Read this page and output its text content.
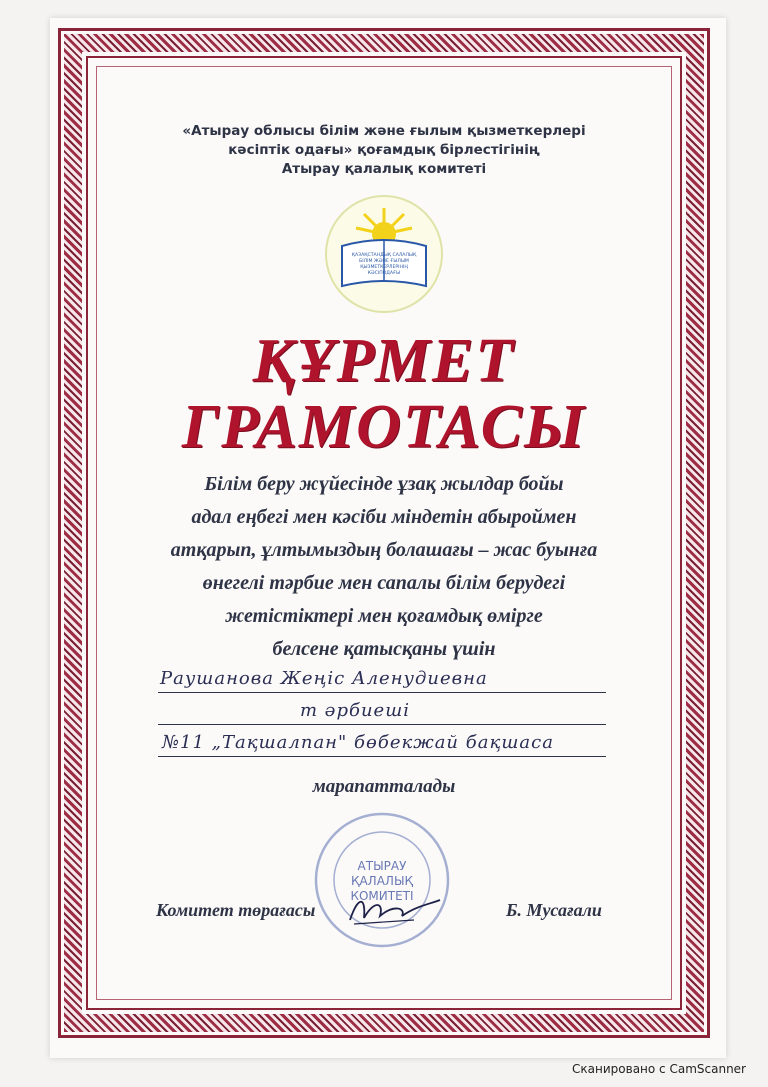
«Атырау облысы білім және ғылым қызметкерлері
кәсіптік одағы» қоғамдық бірлестігінің
Атырау қалалық комитеті
ҚАЗАҚСТАНДЫҚ САЛАЛЫҚ
БІЛІМ ЖӘНЕ ҒЫЛЫМ
ҚЫЗМЕТКЕРЛЕРІНІҢ
КӘСІПОДАҒЫ
ҚҰРМЕТ
ГРАМОТАСЫ
Білім беру жүйесінде ұзақ жылдар бойы
адал еңбегі мен кәсіби міндетін абыроймен
атқарып, ұлтымыздың болашағы – жас буынға
өнегелі тәрбие мен сапалы білім берудегі
жетістіктері мен қоғамдық өмірге
белсене қатысқаны үшін
Раушанова Жеңіс Аленудиевна
т әрбиеші
№11 „Тақшалпан" бөбекжай бақшаса
марапатталады
АТЫРАУ
ҚАЛАЛЫҚ
КОМИТЕТІ
Комитет төрағасы	Б. Мусағали
Сканировано с CamScanner
